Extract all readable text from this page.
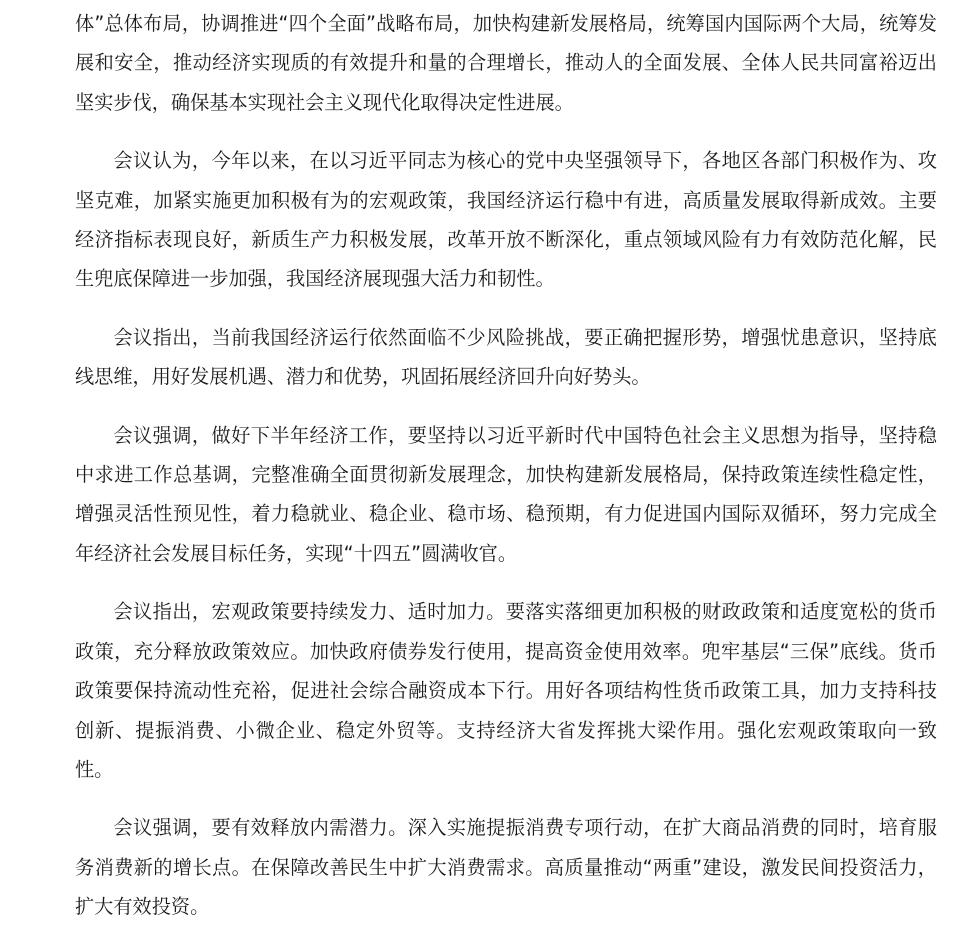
体”总体布局，协调推进“四个全面”战略布局，加快构建新发展格局，统筹国内国际两个大局，统筹发展和安全，推动经济实现质的有效提升和量的合理增长，推动人的全面发展、全体人民共同富裕迈出坚实步伐，确保基本实现社会主义现代化取得决定性进展。

会议认为，今年以来，在以习近平同志为核心的党中央坚强领导下，各地区各部门积极作为、攻坚克难，加紧实施更加积极有为的宏观政策，我国经济运行稳中有进，高质量发展取得新成效。主要经济指标表现良好，新质生产力积极发展，改革开放不断深化，重点领域风险有力有效防范化解，民生兜底保障进一步加强，我国经济展现强大活力和韧性。

会议指出，当前我国经济运行依然面临不少风险挑战，要正确把握形势，增强忧患意识，坚持底线思维，用好发展机遇、潜力和优势，巩固拓展经济回升向好势头。

会议强调，做好下半年经济工作，要坚持以习近平新时代中国特色社会主义思想为指导，坚持稳中求进工作总基调，完整准确全面贯彻新发展理念，加快构建新发展格局，保持政策连续性稳定性，增强灵活性预见性，着力稳就业、稳企业、稳市场、稳预期，有力促进国内国际双循环，努力完成全年经济社会发展目标任务，实现“十四五”圆满收官。

会议指出，宏观政策要持续发力、适时加力。要落实落细更加积极的财政政策和适度宽松的货币政策，充分释放政策效应。加快政府债券发行使用，提高资金使用效率。兜牢基层“三保”底线。货币政策要保持流动性充裕，促进社会综合融资成本下行。用好各项结构性货币政策工具，加力支持科技创新、提振消费、小微企业、稳定外贸等。支持经济大省发挥挑大梁作用。强化宏观政策取向一致性。

会议强调，要有效释放内需潜力。深入实施提振消费专项行动，在扩大商品消费的同时，培育服务消费新的增长点。在保障改善民生中扩大消费需求。高质量推动“两重”建设，激发民间投资活力，扩大有效投资。
